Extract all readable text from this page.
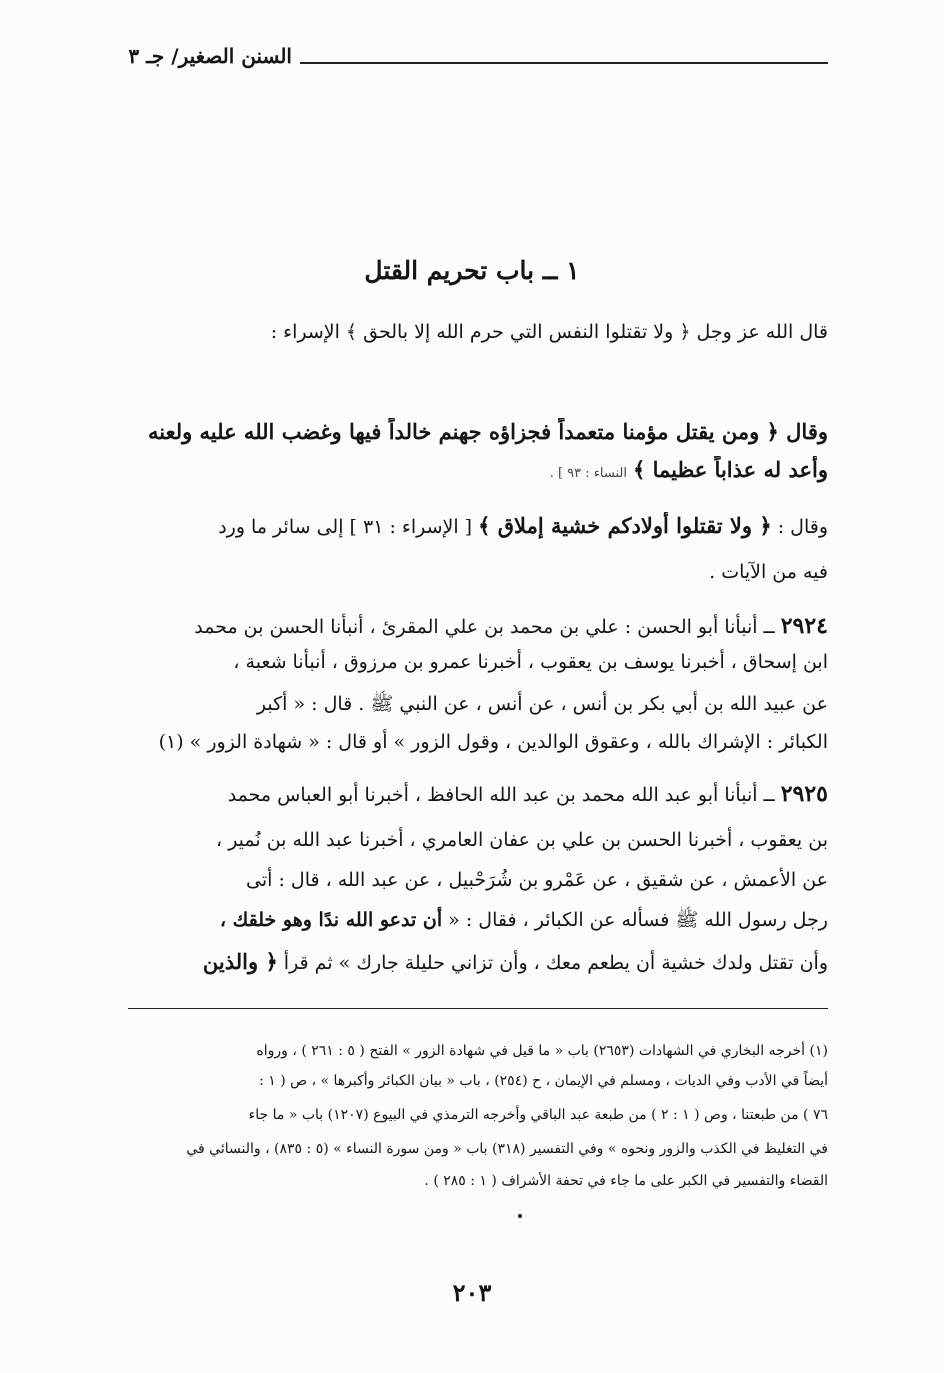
السنن الصغير/ جـ ٣
١ ــ باب تحريم القتل
قال الله عز وجل ﴿ ولا تقتلوا النفس التي حرم الله إلا بالحق ﴾ الإسراء :
وقال ﴿ ومن يقتل مؤمنا متعمداً فجزاؤه جهنم خالداً فيها وغضب الله عليه ولعنه
وأعد له عذاباً عظيما ﴾ النساء : ٩٣ ] .
وقال : ﴿ ولا تقتلوا أولادكم خشية إملاق ﴾ [ الإسراء : ٣١ ] إلى سائر ما ورد
فيه من الآيات .
٢٩٢٤ ــ أنبأنا أبو الحسن : علي بن محمد بن علي المقرئ ، أنبأنا الحسن بن محمد
ابن إسحاق ، أخبرنا يوسف بن يعقوب ، أخبرنا عمرو بن مرزوق ، أنبأنا شعبة ،
عن عبيد الله بن أبي بكر بن أنس ، عن أنس ، عن النبي ﷺ . قال : « أكبر
الكبائر : الإشراك بالله ، وعقوق الوالدين ، وقول الزور » أو قال : « شهادة الزور » (١)
٢٩٢٥ ــ أنبأنا أبو عبد الله محمد بن عبد الله الحافظ ، أخبرنا أبو العباس محمد
بن يعقوب ، أخبرنا الحسن بن علي بن عفان العامري ، أخبرنا عبد الله بن نُمير ،
عن الأعمش ، عن شقيق ، عن عَمْرو بن شُرَحْبيل ، عن عبد الله ، قال : أتى
رجل رسول الله ﷺ فسأله عن الكبائر ، فقال : « أن تدعو الله ندًا وهو خلقك ،
وأن تقتل ولدك خشية أن يطعم معك ، وأن تزاني حليلة جارك » ثم قرأ ﴿ والذين
(١) أخرجه البخاري في الشهادات (٢٦٥٣) باب « ما قيل في شهادة الزور » الفتح ( ٥ : ٢٦١ ) ، ورواه
أيضاً في الأدب وفي الديات ، ومسلم في الإيمان ، ح (٢٥٤) ، باب « بيان الكبائر وأكبرها » ، ص ( ١ :
٧٦ ) من طبعتنا ، وص ( ١ : ٢ ) من طبعة عبد الباقي وأخرجه الترمذي في البيوع (١٢٠٧) باب « ما جاء
في التغليظ في الكذب والزور ونحوه » وفي التفسير (٣١٨) باب « ومن سورة النساء » (٥ : ٨٣٥) ، والنسائي في
القضاء والتفسير في الكبر على ما جاء في تحفة الأشراف ( ١ : ٢٨٥ ) .
٢٠٣
